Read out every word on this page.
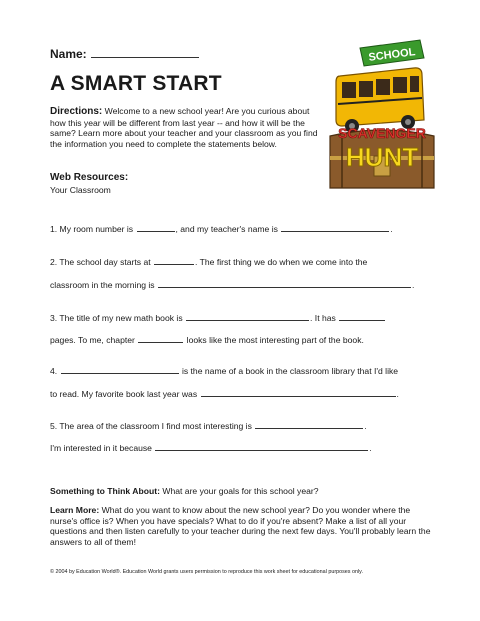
Name:
A SMART START
Directions: Welcome to a new school year! Are you curious about how this year will be different from last year -- and how it will be the same? Learn more about your teacher and your classroom as you find the information you need to complete the statements below.
Web Resources:
Your Classroom
1. My room number is	, and my teacher's name is	.
2. The school day starts at	. The first thing we do when we come into the
classroom in the morning is	.
3. The title of my new math book is	. It has
pages. To me, chapter	looks like the most interesting part of the book.
4.	is the name of a book in the classroom library that I'd like
to read. My favorite book last year was	.
5. The area of the classroom I find most interesting is	.
I'm interested in it because	.
Something to Think About: What are your goals for this school year?
Learn More: What do you want to know about the new school year? Do you wonder where the nurse's office is? When you have specials? What to do if you're absent? Make a list of all your questions and then listen carefully to your teacher during the next few days. You'll probably learn the answers to all of them!
© 2004 by Education World®. Education World grants users permission to reproduce this work sheet for educational purposes only.
SCHOOL
SCAVENGER
HUNT
